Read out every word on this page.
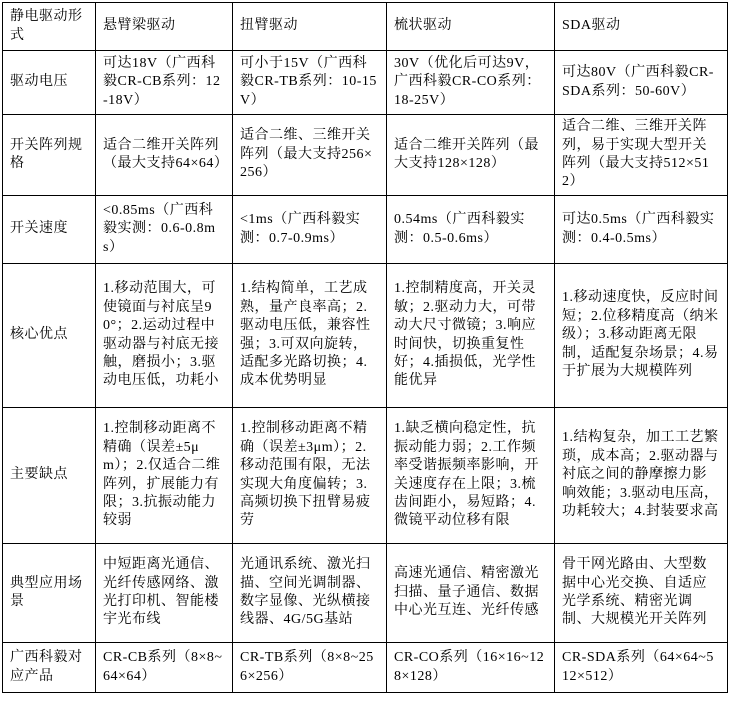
静电驱动形式	悬臂梁驱动	扭臂驱动	梳状驱动	SDA驱动
驱动电压	可达18V（广西科毅CR-CB系列：12-18V）	可小于15V（广西科毅CR-TB系列：10-15V）	30V（优化后可达9V，广西科毅CR-CO系列：18-25V）	可达80V（广西科毅CR-SDA系列：50-60V）
开关阵列规格	适合二维开关阵列（最大支持64×64）	适合二维、三维开关阵列（最大支持256×256）	适合二维开关阵列（最大支持128×128）	适合二维、三维开关阵列，易于实现大型开关阵列（最大支持512×512）
开关速度	<0.85ms（广西科毅实测：0.6-0.8ms）	<1ms（广西科毅实测：0.7-0.9ms）	0.54ms（广西科毅实测：0.5-0.6ms）	可达0.5ms（广西科毅实测：0.4-0.5ms）
核心优点	1.移动范围大，可使镜面与衬底呈90°；2.运动过程中驱动器与衬底无接触，磨损小；3.驱动电压低，功耗小	1.结构简单，工艺成熟，量产良率高；2.驱动电压低，兼容性强；3.可双向旋转，适配多光路切换；4.成本优势明显	1.控制精度高，开关灵敏；2.驱动力大，可带动大尺寸微镜；3.响应时间快，切换重复性好；4.插损低，光学性能优异	1.移动速度快，反应时间短；2.位移精度高（纳米级）；3.移动距离无限制，适配复杂场景；4.易于扩展为大规模阵列
主要缺点	1.控制移动距离不精确（误差±5μm）；2.仅适合二维阵列，扩展能力有限；3.抗振动能力较弱	1.控制移动距离不精确（误差±3μm）；2.移动范围有限，无法实现大角度偏转；3.高频切换下扭臂易疲劳	1.缺乏横向稳定性，抗振动能力弱；2.工作频率受谐振频率影响，开关速度存在上限；3.梳齿间距小，易短路；4.微镜平动位移有限	1.结构复杂，加工工艺繁琐，成本高；2.驱动器与衬底之间的静摩擦力影响效能；3.驱动电压高，功耗较大；4.封装要求高
典型应用场景	中短距离光通信、光纤传感网络、激光打印机、智能楼宇光布线	光通讯系统、激光扫描、空间光调制器、数字显像、光纵横接线器、4G/5G基站	高速光通信、精密激光扫描、量子通信、数据中心光互连、光纤传感	骨干网光路由、大型数据中心光交换、自适应光学系统、精密光调制、大规模光开关阵列
广西科毅对应产品	CR-CB系列（8×8~64×64）	CR-TB系列（8×8~256×256）	CR-CO系列（16×16~128×128）	CR-SDA系列（64×64~512×512）
